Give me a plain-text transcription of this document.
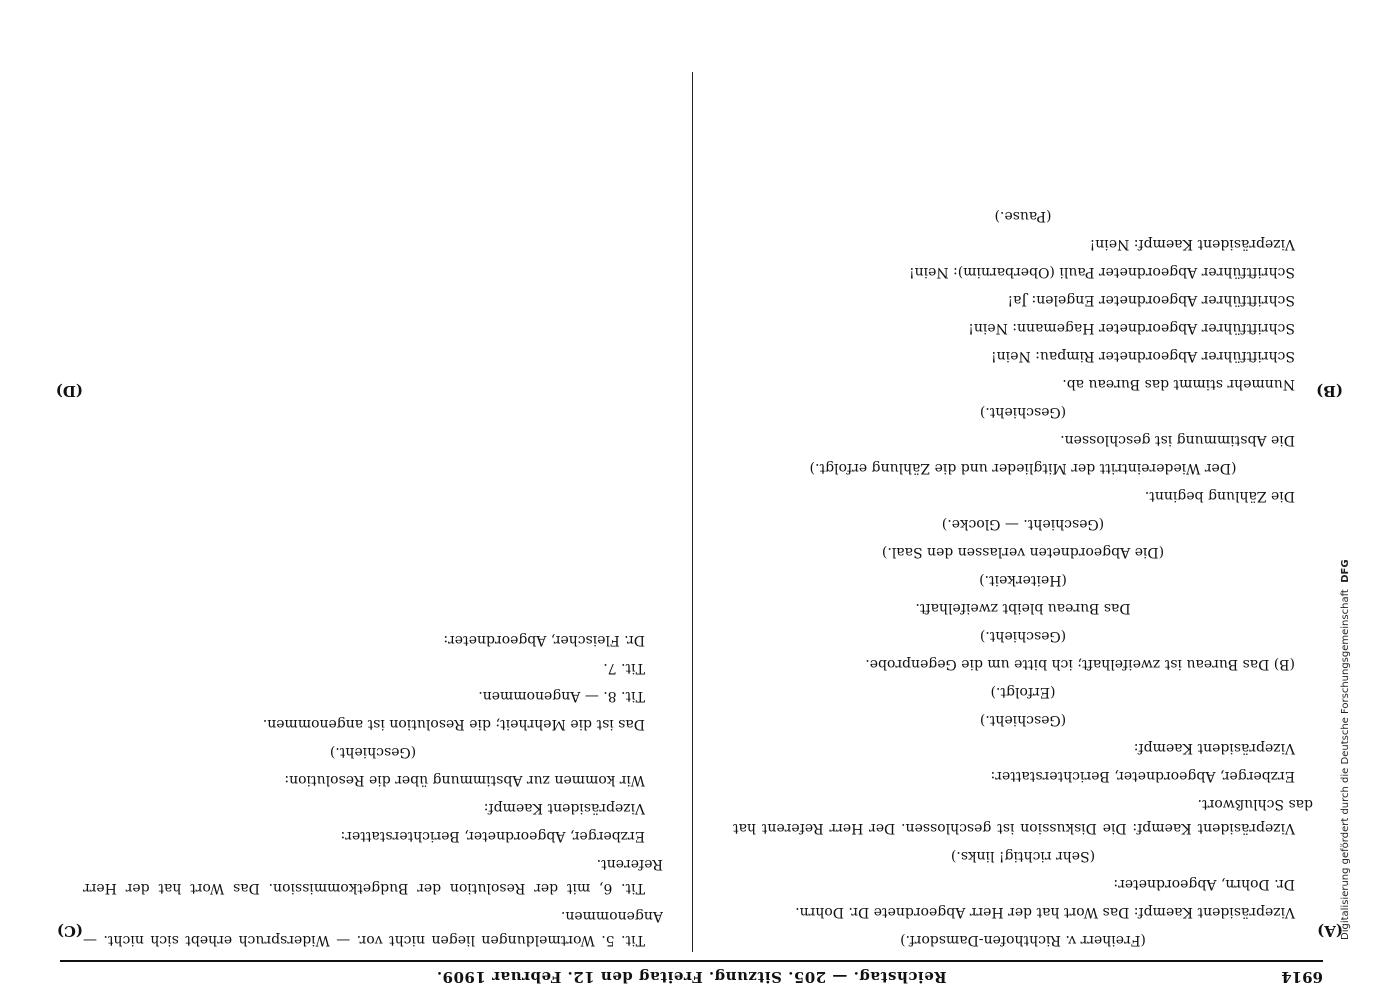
6914
Reichstag. — 205. Sitzung. Freitag den 12. Februar 1909.
(A)
(B)
(C)
(D)

(Freiherr v. Richthofen-Damsdorf.)

Vizepräsident Kaempf: Das Wort hat der Herr Abgeordnete Dr. Dohrn.

Dr. Dohrn, Abgeordneter:

(Sehr richtig! links.)

Vizepräsident Kaempf: Die Diskussion ist geschlossen. Der Herr Referent hat das Schlußwort.

Erzberger, Abgeordneter, Berichterstatter:

Vizepräsident Kaempf:

(Geschieht.)

(Erfolgt.)

(B) Das Bureau ist zweifelhaft; ich bitte um die Gegenprobe.

(Geschieht.)

Das Bureau bleibt zweifelhaft.

(Heiterkeit.)

(Die Abgeordneten verlassen den Saal.)

(Geschieht. — Glocke.)

Die Zählung beginnt.

(Der Wiedereintritt der Mitglieder und die Zählung erfolgt.)

Die Abstimmung ist geschlossen.

(Geschieht.)

Nunmehr stimmt das Bureau ab.

Schriftführer Abgeordneter Rimpau: Nein!

Schriftführer Abgeordneter Hagemann: Nein!

Schriftführer Abgeordneter Engelen: Ja!

Schriftführer Abgeordneter Pauli (Oberbarnim): Nein!

Vizepräsident Kaempf: Nein!

(Pause.)

Tit. 5. Wortmeldungen liegen nicht vor. — Widerspruch erhebt sich nicht. — Angenommen.

Tit. 6, mit der Resolution der Budgetkommission. Das Wort hat der Herr Referent.

Erzberger, Abgeordneter, Berichterstatter:

Vizepräsident Kaempf:

Wir kommen zur Abstimmung über die Resolution:

(Geschieht.)

Das ist die Mehrheit; die Resolution ist angenommen.

Tit. 8. — Angenommen.

Tit. 7.

Dr. Fleischer, Abgeordneter:	Digitalisierung gefördert durch die Deutsche Forschungsgemeinschaft  DFG
